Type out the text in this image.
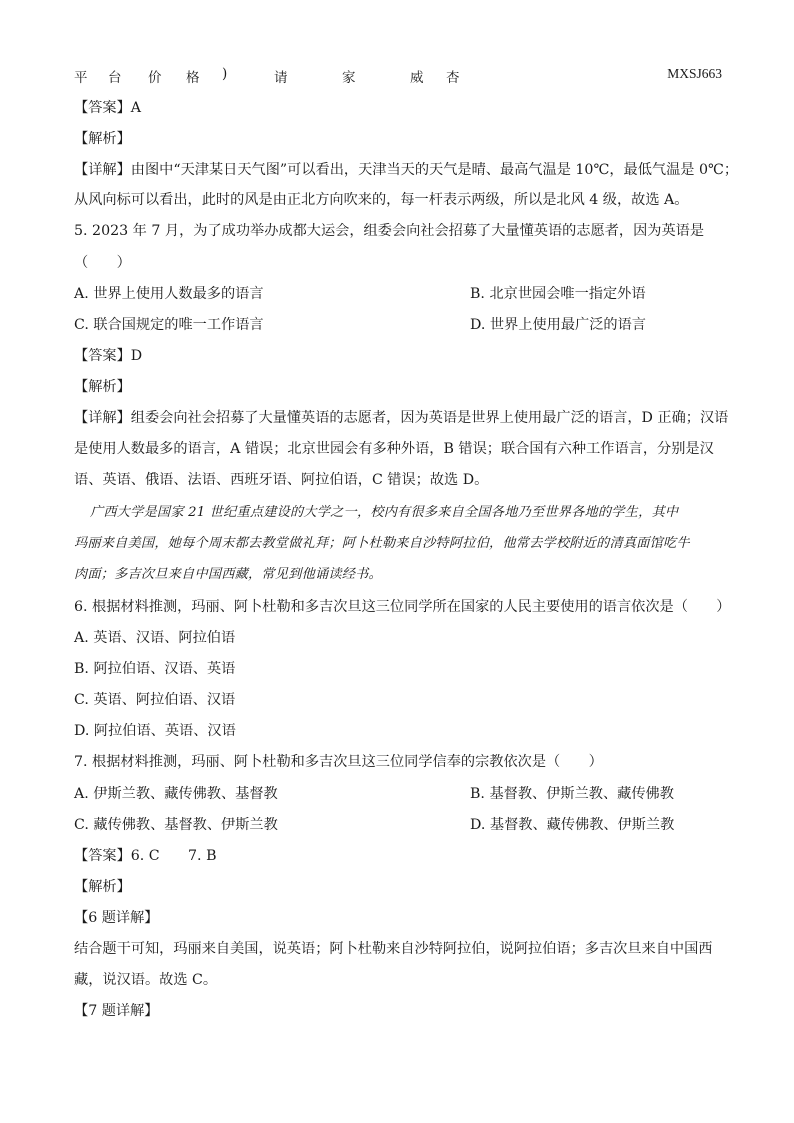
平 台 价 格 )	请	家	威 杏	MXSJ663
【答案】A
【解析】
【详解】由图中“天津某日天气图”可以看出，天津当天的天气是晴、最高气温是 10℃，最低气温是 0℃；
从风向标可以看出，此时的风是由正北方向吹来的，每一杆表示两级，所以是北风 4 级，故选 A。
5. 2023 年 7 月，为了成功举办成都大运会，组委会向社会招募了大量懂英语的志愿者，因为英语是
（　　）
A. 世界上使用人数最多的语言	B. 北京世园会唯一指定外语
C. 联合国规定的唯一工作语言	D. 世界上使用最广泛的语言
【答案】D
【解析】
【详解】组委会向社会招募了大量懂英语的志愿者，因为英语是世界上使用最广泛的语言，D 正确；汉语
是使用人数最多的语言，A 错误；北京世园会有多种外语，B 错误；联合国有六种工作语言，分别是汉
语、英语、俄语、法语、西班牙语、阿拉伯语，C 错误；故选 D。
广西大学是国家 21 世纪重点建设的大学之一，校内有很多来自全国各地乃至世界各地的学生，其中
玛丽来自美国，她每个周末都去教堂做礼拜；阿卜杜勒来自沙特阿拉伯，他常去学校附近的清真面馆吃牛
肉面；多吉次旦来自中国西藏，常见到他诵读经书。
6. 根据材料推测，玛丽、阿卜杜勒和多吉次旦这三位同学所在国家的人民主要使用的语言依次是（　　）
A. 英语、汉语、阿拉伯语
B. 阿拉伯语、汉语、英语
C. 英语、阿拉伯语、汉语
D. 阿拉伯语、英语、汉语
7. 根据材料推测，玛丽、阿卜杜勒和多吉次旦这三位同学信奉的宗教依次是（　　）
A. 伊斯兰教、藏传佛教、基督教	B. 基督教、伊斯兰教、藏传佛教
C. 藏传佛教、基督教、伊斯兰教	D. 基督教、藏传佛教、伊斯兰教
【答案】6. C　　7. B
【解析】
【6 题详解】
结合题干可知，玛丽来自美国，说英语；阿卜杜勒来自沙特阿拉伯，说阿拉伯语；多吉次旦来自中国西
藏，说汉语。故选 C。
【7 题详解】
